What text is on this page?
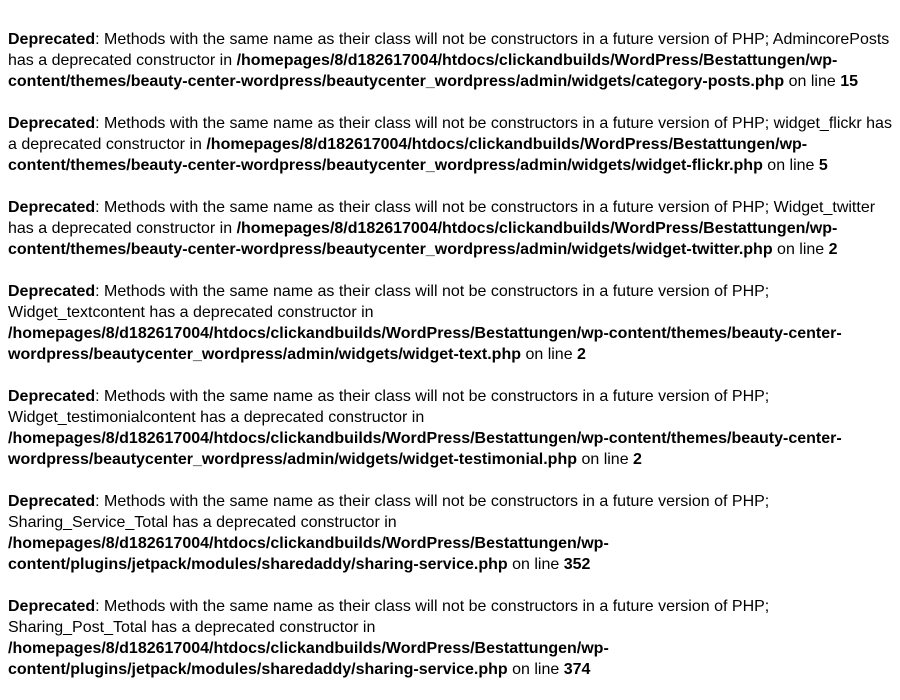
Deprecated: Methods with the same name as their class will not be constructors in a future version of PHP; AdmincorePosts has a deprecated constructor in /homepages/8/d182617004/htdocs/clickandbuilds/WordPress/Bestattungen/wp-content/themes/beauty-center-wordpress/beautycenter_wordpress/admin/widgets/category-posts.php on line 15
Deprecated: Methods with the same name as their class will not be constructors in a future version of PHP; widget_flickr has a deprecated constructor in /homepages/8/d182617004/htdocs/clickandbuilds/WordPress/Bestattungen/wp-content/themes/beauty-center-wordpress/beautycenter_wordpress/admin/widgets/widget-flickr.php on line 5
Deprecated: Methods with the same name as their class will not be constructors in a future version of PHP; Widget_twitter has a deprecated constructor in /homepages/8/d182617004/htdocs/clickandbuilds/WordPress/Bestattungen/wp-content/themes/beauty-center-wordpress/beautycenter_wordpress/admin/widgets/widget-twitter.php on line 2
Deprecated: Methods with the same name as their class will not be constructors in a future version of PHP; Widget_textcontent has a deprecated constructor in /homepages/8/d182617004/htdocs/clickandbuilds/WordPress/Bestattungen/wp-content/themes/beauty-center-wordpress/beautycenter_wordpress/admin/widgets/widget-text.php on line 2
Deprecated: Methods with the same name as their class will not be constructors in a future version of PHP; Widget_testimonialcontent has a deprecated constructor in /homepages/8/d182617004/htdocs/clickandbuilds/WordPress/Bestattungen/wp-content/themes/beauty-center-wordpress/beautycenter_wordpress/admin/widgets/widget-testimonial.php on line 2
Deprecated: Methods with the same name as their class will not be constructors in a future version of PHP; Sharing_Service_Total has a deprecated constructor in /homepages/8/d182617004/htdocs/clickandbuilds/WordPress/Bestattungen/wp-content/plugins/jetpack/modules/sharedaddy/sharing-service.php on line 352
Deprecated: Methods with the same name as their class will not be constructors in a future version of PHP; Sharing_Post_Total has a deprecated constructor in /homepages/8/d182617004/htdocs/clickandbuilds/WordPress/Bestattungen/wp-content/plugins/jetpack/modules/sharedaddy/sharing-service.php on line 374
